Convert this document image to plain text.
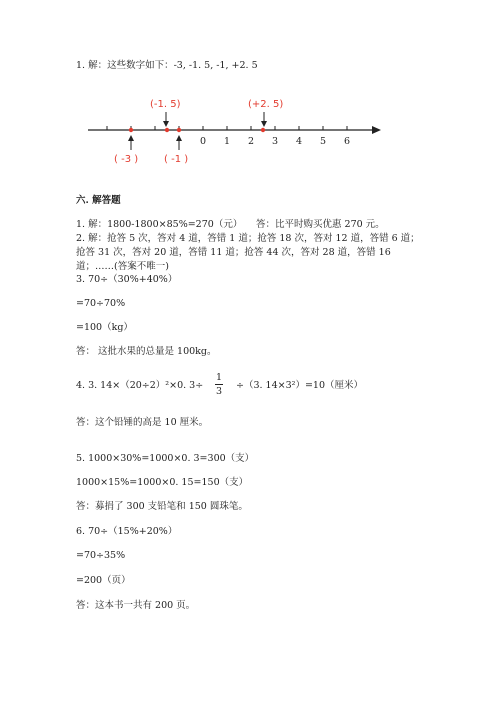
1. 解：这些数字如下：-3, -1. 5, -1, +2. 5
0 1 2 3 4 5 6
(-1. 5)	(+2. 5)
( -3 )	( -1 )
六. 解答题
1. 解：1800-1800×85%=270（元） 答：比平时购买优惠 270 元。
2. 解：抢答 5 次，答对 4 道，答错 1 道；抢答 18 次，答对 12 道，答错 6 道；
抢答 31 次，答对 20 道，答错 11 道；抢答 44 次，答对 28 道，答错 16
道；……(答案不唯一)
3. 70÷（30%+40%）
=70÷70%
=100（kg）
答： 这批水果的总量是 100kg。
4. 3. 14×（20÷2）²×0. 3÷
1
3
÷（3. 14×3²）=10（厘米）
答：这个铅锤的高是 10 厘米。
5. 1000×30%=1000×0. 3=300（支）
1000×15%=1000×0. 15=150（支）
答：募捐了 300 支铅笔和 150 圆珠笔。
6. 70÷（15%+20%）
=70÷35%
=200（页）
答：这本书一共有 200 页。
